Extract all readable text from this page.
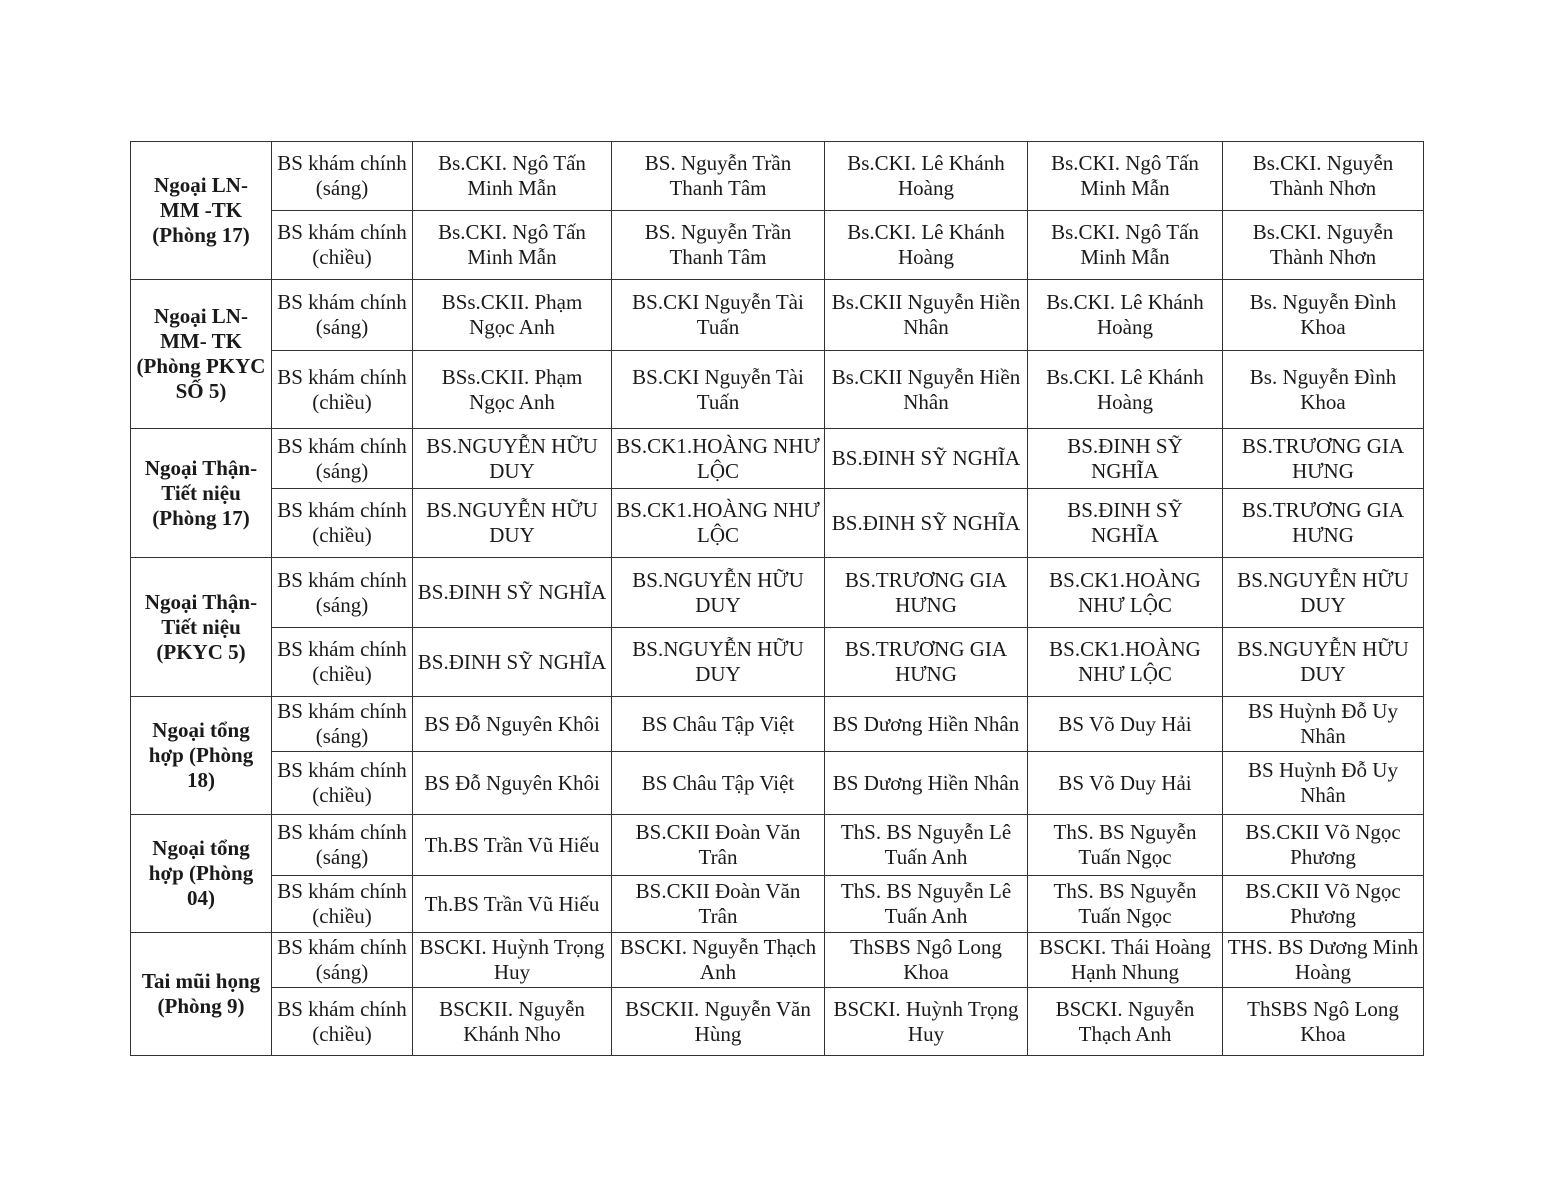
Ngoại LN-MM -TK (Phòng 17)	BS khám chính (sáng)	Bs.CKI. Ngô Tấn Minh Mẫn	BS. Nguyễn Trần Thanh Tâm	Bs.CKI. Lê Khánh Hoàng	Bs.CKI. Ngô Tấn Minh Mẫn	Bs.CKI. Nguyễn Thành Nhơn
	BS khám chính (chiều)	Bs.CKI. Ngô Tấn Minh Mẫn	BS. Nguyễn Trần Thanh Tâm	Bs.CKI. Lê Khánh Hoàng	Bs.CKI. Ngô Tấn Minh Mẫn	Bs.CKI. Nguyễn Thành Nhơn
Ngoại LN-MM- TK (Phòng PKYC SỐ 5)	BS khám chính (sáng)	BSs.CKII. Phạm Ngọc Anh	BS.CKI Nguyễn Tài Tuấn	Bs.CKII Nguyễn Hiền Nhân	Bs.CKI. Lê Khánh Hoàng	Bs. Nguyễn Đình Khoa
	BS khám chính (chiều)	BSs.CKII. Phạm Ngọc Anh	BS.CKI Nguyễn Tài Tuấn	Bs.CKII Nguyễn Hiền Nhân	Bs.CKI. Lê Khánh Hoàng	Bs. Nguyễn Đình Khoa
Ngoại Thận-Tiết niệu (Phòng 17)	BS khám chính (sáng)	BS.NGUYỄN HỮU DUY	BS.CK1.HOÀNG NHƯ LỘC	BS.ĐINH SỸ NGHĨA	BS.ĐINH SỸ NGHĨA	BS.TRƯƠNG GIA HƯNG
	BS khám chính (chiều)	BS.NGUYỄN HỮU DUY	BS.CK1.HOÀNG NHƯ LỘC	BS.ĐINH SỸ NGHĨA	BS.ĐINH SỸ NGHĨA	BS.TRƯƠNG GIA HƯNG
Ngoại Thận-Tiết niệu (PKYC 5)	BS khám chính (sáng)	BS.ĐINH SỸ NGHĨA	BS.NGUYỄN HỮU DUY	BS.TRƯƠNG GIA HƯNG	BS.CK1.HOÀNG NHƯ LỘC	BS.NGUYỄN HỮU DUY
	BS khám chính (chiều)	BS.ĐINH SỸ NGHĨA	BS.NGUYỄN HỮU DUY	BS.TRƯƠNG GIA HƯNG	BS.CK1.HOÀNG NHƯ LỘC	BS.NGUYỄN HỮU DUY
Ngoại tổng hợp (Phòng 18)	BS khám chính (sáng)	BS Đỗ Nguyên Khôi	BS Châu Tập Việt	BS Dương Hiền Nhân	BS Võ Duy Hải	BS Huỳnh Đỗ Uy Nhân
	BS khám chính (chiều)	BS Đỗ Nguyên Khôi	BS Châu Tập Việt	BS Dương Hiền Nhân	BS Võ Duy Hải	BS Huỳnh Đỗ Uy Nhân
Ngoại tổng hợp (Phòng 04)	BS khám chính (sáng)	Th.BS Trần Vũ Hiếu	BS.CKII Đoàn Văn Trân	ThS. BS Nguyễn Lê Tuấn Anh	ThS. BS Nguyễn Tuấn Ngọc	BS.CKII Võ Ngọc Phương
	BS khám chính (chiều)	Th.BS Trần Vũ Hiếu	BS.CKII Đoàn Văn Trân	ThS. BS Nguyễn Lê Tuấn Anh	ThS. BS Nguyễn Tuấn Ngọc	BS.CKII Võ Ngọc Phương
Tai mũi họng (Phòng 9)	BS khám chính (sáng)	BSCKI. Huỳnh Trọng Huy	BSCKI. Nguyễn Thạch Anh	ThSBS Ngô Long Khoa	BSCKI. Thái Hoàng Hạnh Nhung	THS. BS Dương Minh Hoàng
	BS khám chính (chiều)	BSCKII. Nguyễn Khánh Nho	BSCKII. Nguyễn Văn Hùng	BSCKI. Huỳnh Trọng Huy	BSCKI. Nguyễn Thạch Anh	ThSBS Ngô Long Khoa
